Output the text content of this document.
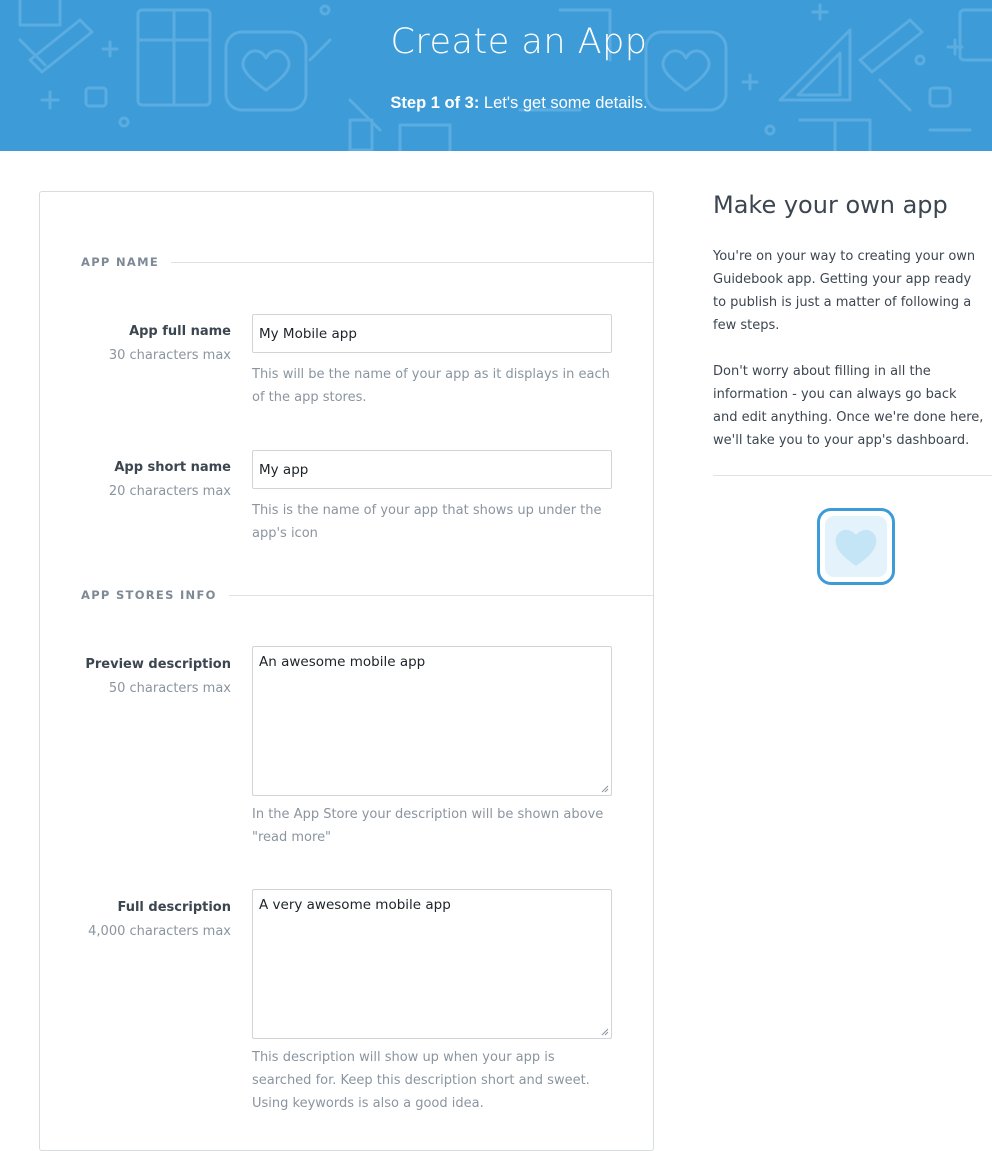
Create an App
Step 1 of 3: Let's get some details.
APP NAME
App full name
30 characters max
My Mobile app
This will be the name of your app as it displays in each of the app stores.
App short name
20 characters max
My app
This is the name of your app that shows up under the app's icon
APP STORES INFO
Preview description
50 characters max
An awesome mobile app
In the App Store your description will be shown above "read more"
Full description
4,000 characters max
A very awesome mobile app
This description will show up when your app is searched for. Keep this description short and sweet. Using keywords is also a good idea.
Make your own app
You're on your way to creating your own Guidebook app. Getting your app ready to publish is just a matter of following a few steps.
Don't worry about filling in all the information - you can always go back and edit anything. Once we're done here, we'll take you to your app's dashboard.
